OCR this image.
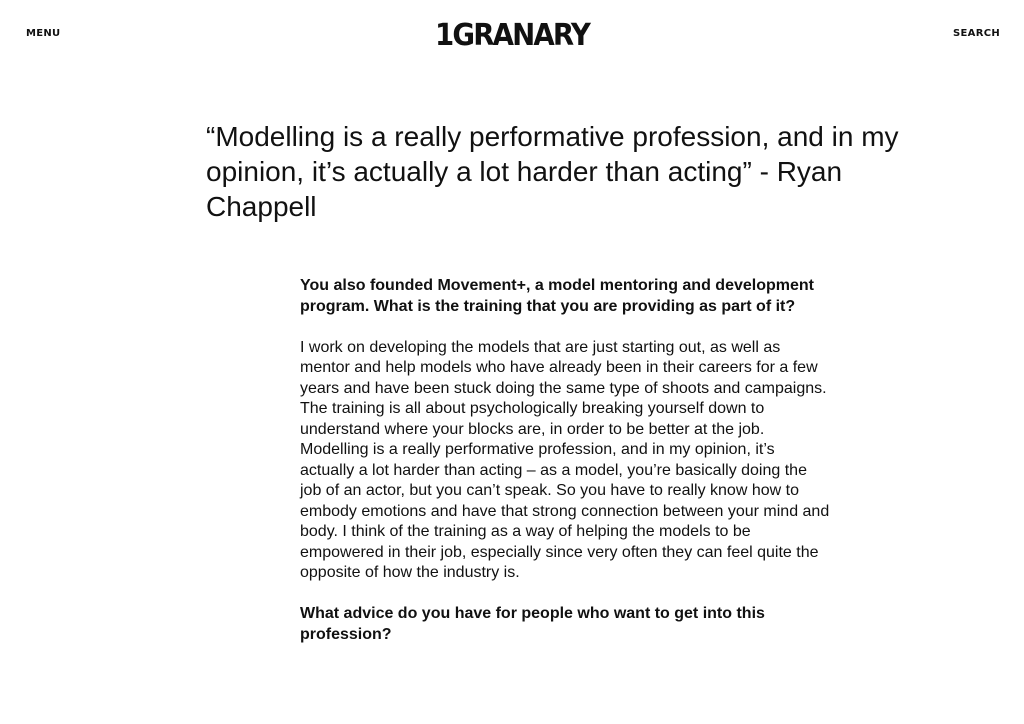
MENU	1GRANARY	SEARCH
“Modelling is a really performative profession, and in my opinion, it’s actually a lot harder than acting” - Ryan Chappell

You also founded Movement+, a model mentoring and development program. What is the training that you are providing as part of it?

I work on developing the models that are just starting out, as well as mentor and help models who have already been in their careers for a few years and have been stuck doing the same type of shoots and campaigns. The training is all about psychologically breaking yourself down to understand where your blocks are, in order to be better at the job. Modelling is a really performative profession, and in my opinion, it’s actually a lot harder than acting – as a model, you’re basically doing the job of an actor, but you can’t speak. So you have to really know how to embody emotions and have that strong connection between your mind and body. I think of the training as a way of helping the models to be empowered in their job, especially since very often they can feel quite the opposite of how the industry is.

What advice do you have for people who want to get into this profession?
